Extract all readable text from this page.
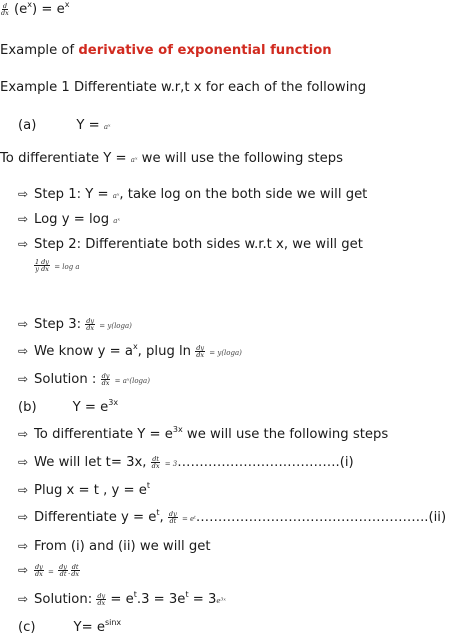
$\frac{d}{dx} (e^x) = e^x$
Example of derivative of exponential function
Example 1 Differentiate w.r,t x for each of the following
(a)	Y = aˣ
To differentiate Y = aˣ we will use the following steps
⇨ Step 1: Y = aˣ, take log on the both side we will get
⇨ Log y = log aˣ
⇨ Step 2: Differentiate both sides w.r.t x, we will get
$\frac{1}{y} \frac{dy}{dx} = \log a$
⇨ Step 3: $\frac{dy}{dx} = y(\log a)$
⇨ We know $y = a^x$, plug $\ln \frac{dy}{dx} = y(\log a)$
⇨ Solution : $\frac{dy}{dx}$ = aˣ(loga)
(b)	$Y = e^{3x}$
⇨ To differentiate $Y = e^{3x}$ we will use the following steps
⇨ We will let t= 3x, $\frac{dt}{dx}$ = 3……………………………….(i)
⇨ Plug x = t , $y = e^t$
⇨ Differentiate $y = e^t$, $\frac{dy}{dt}$ = eᵗ……………………………………………..(ii)
⇨ From (i) and (ii) we will get
⇨ $\frac{dy}{dx} = \frac{dy}{dt}$ . $\frac{dt}{dx}$
⇨ Solution: $\frac{dy}{dx} = e^t.3 = 3e^t$ = 3e³ˣ
(c)	$Y= e^{sinx}$
